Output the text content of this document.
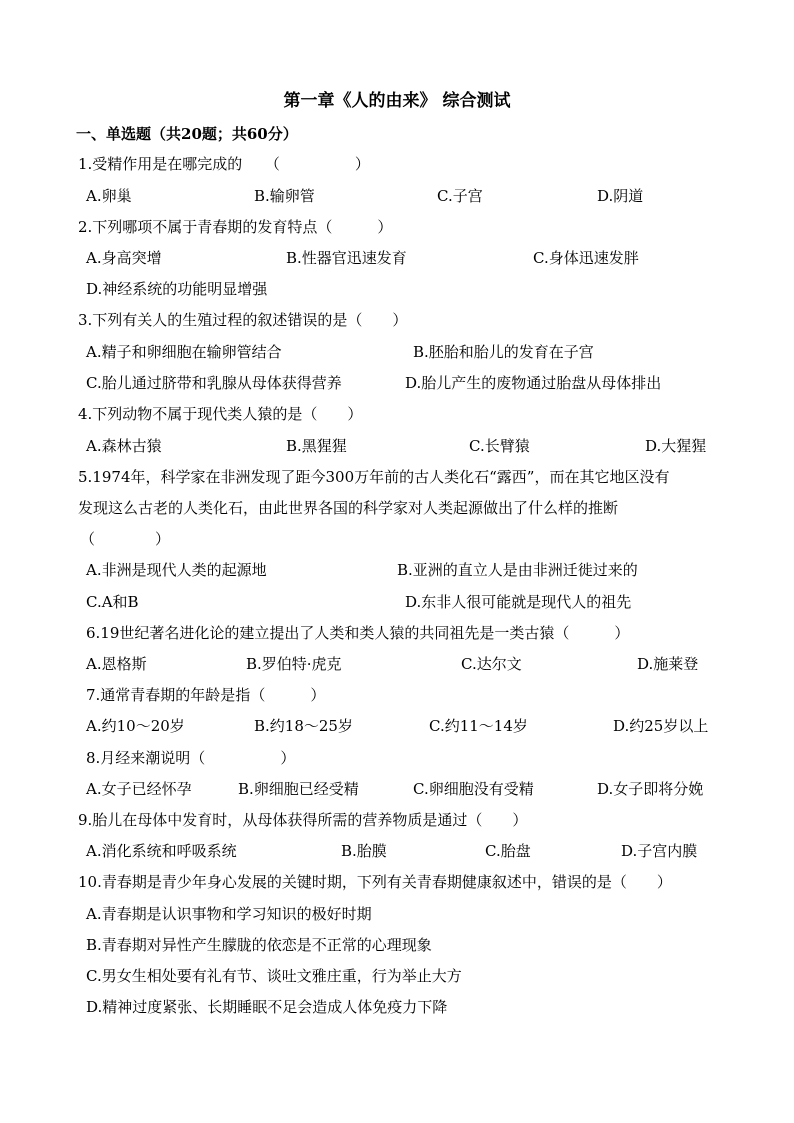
第一章《人的由来》 综合测试
一、单选题（共20题；共60分）
1.受精作用是在哪完成的　　（　　　　　）
A.卵巢	B.输卵管	C.子宫	D.阴道
2.下列哪项不属于青春期的发育特点（　　　）
A.身高突增	B.性器官迅速发育	C.身体迅速发胖
D.神经系统的功能明显增强
3.下列有关人的生殖过程的叙述错误的是（　　）
A.精子和卵细胞在输卵管结合	B.胚胎和胎儿的发育在子宫
C.胎儿通过脐带和乳腺从母体获得营养	D.胎儿产生的废物通过胎盘从母体排出
4.下列动物不属于现代类人猿的是（　　）
A.森林古猿	B.黑猩猩	C.长臂猿	D.大猩猩
5.1974年，科学家在非洲发现了距今300万年前的古人类化石“露西”，而在其它地区没有
发现这么古老的人类化石，由此世界各国的科学家对人类起源做出了什么样的推断
（　　　　）
A.非洲是现代人类的起源地	B.亚洲的直立人是由非洲迁徙过来的
C.A和B	D.东非人很可能就是现代人的祖先
6.19世纪著名进化论的建立提出了人类和类人猿的共同祖先是一类古猿（　　　）
A.恩格斯	B.罗伯特·虎克	C.达尔文	D.施莱登
7.通常青春期的年龄是指（　　　）
A.约10～20岁	B.约18～25岁	C.约11～14岁	D.约25岁以上
8.月经来潮说明（　　　　　）
A.女子已经怀孕	B.卵细胞已经受精	C.卵细胞没有受精	D.女子即将分娩
9.胎儿在母体中发育时，从母体获得所需的营养物质是通过（　　）
A.消化系统和呼吸系统	B.胎膜	C.胎盘	D.子宫内膜
10.青春期是青少年身心发展的关键时期，下列有关青春期健康叙述中，错误的是（　　）
A.青春期是认识事物和学习知识的极好时期
B.青春期对异性产生朦胧的依恋是不正常的心理现象
C.男女生相处要有礼有节、谈吐文雅庄重，行为举止大方
D.精神过度紧张、长期睡眠不足会造成人体免疫力下降
